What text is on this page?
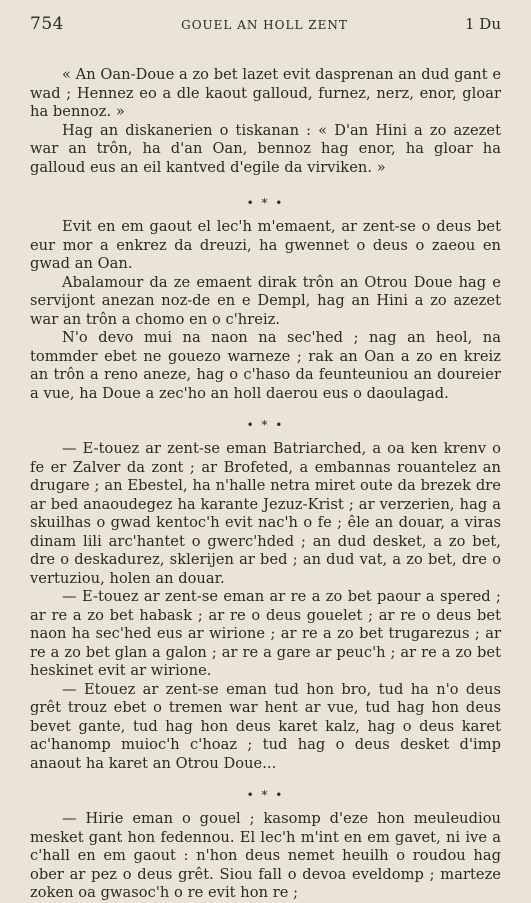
754	GOUEL AN HOLL ZENT	1 Du

« An Oan-Doue a zo bet lazet evit dasprenan an dud gant e wad ; Hennez eo a dle kaout galloud, furnez, nerz, enor, gloar ha bennoz. »

Hag an diskanerien o tiskanan : « D'an Hini a zo azezet war an trôn, ha d'an Oan, bennoz hag enor, ha gloar ha galloud eus an eil kantved d'egile da virviken. »

• * •

Evit en em gaout el lec'h m'emaent, ar zent-se o deus bet eur mor a enkrez da dreuzi, ha gwennet o deus o zaeou en gwad an Oan.

Abalamour da ze emaent dirak trôn an Otrou Doue hag e servijont anezan noz-de en e Dempl, hag an Hini a zo azezet war an trôn a chomo en o c'hreiz.

N'o devo mui na naon na sec'hed ; nag an heol, na tommder ebet ne gouezo warneze ; rak an Oan a zo en kreiz an trôn a reno aneze, hag o c'haso da feunteuniou an doureier a vue, ha Doue a zec'ho an holl daerou eus o daoulagad.

• * •

— E-touez ar zent-se eman Batriarched, a oa ken krenv o fe er Zalver da zont ; ar Brofeted, a embannas rouantelez an drugare ; an Ebestel, ha n'halle netra miret oute da brezek dre ar bed anaoudegez ha karante Jezuz-Krist ; ar verzerien, hag a skuilhas o gwad kentoc'h evit nac'h o fe ; êle an douar, a viras dinam lili arc'hantet o gwerc'hded ; an dud desket, a zo bet, dre o deskadurez, sklerijen ar bed ; an dud vat, a zo bet, dre o vertuziou, holen an douar.

— E-touez ar zent-se eman ar re a zo bet paour a spered ; ar re a zo bet habask ; ar re o deus gouelet ; ar re o deus bet naon ha sec'hed eus ar wirione ; ar re a zo bet trugarezus ; ar re a zo bet glan a galon ; ar re a gare ar peuc'h ; ar re a zo bet heskinet evit ar wirione.

— Etouez ar zent-se eman tud hon bro, tud ha n'o deus grêt trouz ebet o tremen war hent ar vue, tud hag hon deus bevet gante, tud hag hon deus karet kalz, hag o deus karet ac'hanomp muioc'h c'hoaz ; tud hag o deus desket d'imp anaout ha karet an Otrou Doue...

• * •

— Hirie eman o gouel ; kasomp d'eze hon meuleudiou mesket gant hon fedennou. El lec'h m'int en em gavet, ni ive a c'hall en em gaout : n'hon deus nemet heuilh o roudou hag ober ar pez o deus grêt. Siou fall o devoa eveldomp ; marteze zoken oa gwasoc'h o re evit hon re ;
